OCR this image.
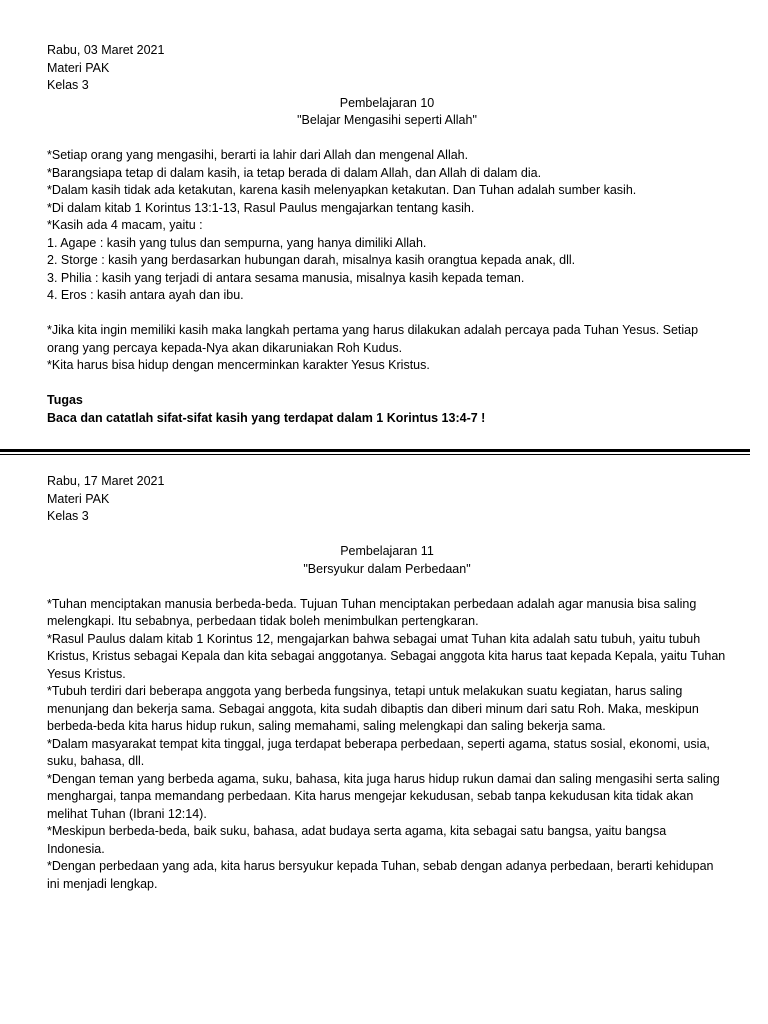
Rabu, 03 Maret 2021

Materi PAK

Kelas 3

Pembelajaran 10

"Belajar Mengasihi seperti Allah"

*Setiap orang yang mengasihi, berarti ia lahir dari Allah dan mengenal Allah.

*Barangsiapa tetap di dalam kasih, ia tetap berada di dalam Allah, dan Allah di dalam dia.

*Dalam kasih tidak ada ketakutan, karena kasih melenyapkan ketakutan. Dan Tuhan adalah sumber kasih.

*Di dalam kitab 1 Korintus 13:1-13, Rasul Paulus mengajarkan tentang kasih.

*Kasih ada 4 macam, yaitu :

1. Agape : kasih yang tulus dan sempurna, yang hanya dimiliki Allah.

2. Storge : kasih yang berdasarkan hubungan darah, misalnya kasih orangtua kepada anak, dll.

3. Philia : kasih yang terjadi di antara sesama manusia, misalnya kasih kepada teman.

4. Eros : kasih antara ayah dan ibu.

*Jika kita ingin memiliki kasih maka langkah pertama yang harus dilakukan adalah percaya pada Tuhan Yesus. Setiap orang yang percaya kepada-Nya akan dikaruniakan Roh Kudus.

*Kita harus bisa hidup dengan mencerminkan karakter Yesus Kristus.

Tugas

Baca dan catatlah sifat-sifat kasih yang terdapat dalam 1 Korintus 13:4-7 !

Rabu, 17 Maret 2021

Materi PAK

Kelas 3

Pembelajaran 11

"Bersyukur dalam Perbedaan"

*Tuhan menciptakan manusia berbeda-beda. Tujuan Tuhan menciptakan perbedaan adalah agar manusia bisa saling melengkapi. Itu sebabnya, perbedaan tidak boleh menimbulkan pertengkaran.

*Rasul Paulus dalam kitab 1 Korintus 12, mengajarkan bahwa sebagai umat Tuhan kita adalah satu tubuh, yaitu tubuh Kristus, Kristus sebagai Kepala dan kita sebagai anggotanya. Sebagai anggota kita harus taat kepada Kepala, yaitu Tuhan Yesus Kristus.

*Tubuh terdiri dari beberapa anggota yang berbeda fungsinya, tetapi untuk melakukan suatu kegiatan, harus saling menunjang dan bekerja sama. Sebagai anggota, kita sudah dibaptis dan diberi minum dari satu Roh. Maka, meskipun berbeda-beda kita harus hidup rukun, saling memahami, saling melengkapi dan saling bekerja sama.

*Dalam masyarakat tempat kita tinggal, juga terdapat beberapa perbedaan, seperti agama, status sosial, ekonomi, usia, suku, bahasa, dll.

*Dengan teman yang berbeda agama, suku, bahasa, kita juga harus hidup rukun damai dan saling mengasihi serta saling menghargai, tanpa memandang perbedaan. Kita harus mengejar kekudusan, sebab tanpa kekudusan kita tidak akan melihat Tuhan (Ibrani 12:14).

*Meskipun berbeda-beda, baik suku, bahasa, adat budaya serta agama, kita sebagai satu bangsa, yaitu bangsa Indonesia.

*Dengan perbedaan yang ada, kita harus bersyukur kepada Tuhan, sebab dengan adanya perbedaan, berarti kehidupan ini menjadi lengkap.
